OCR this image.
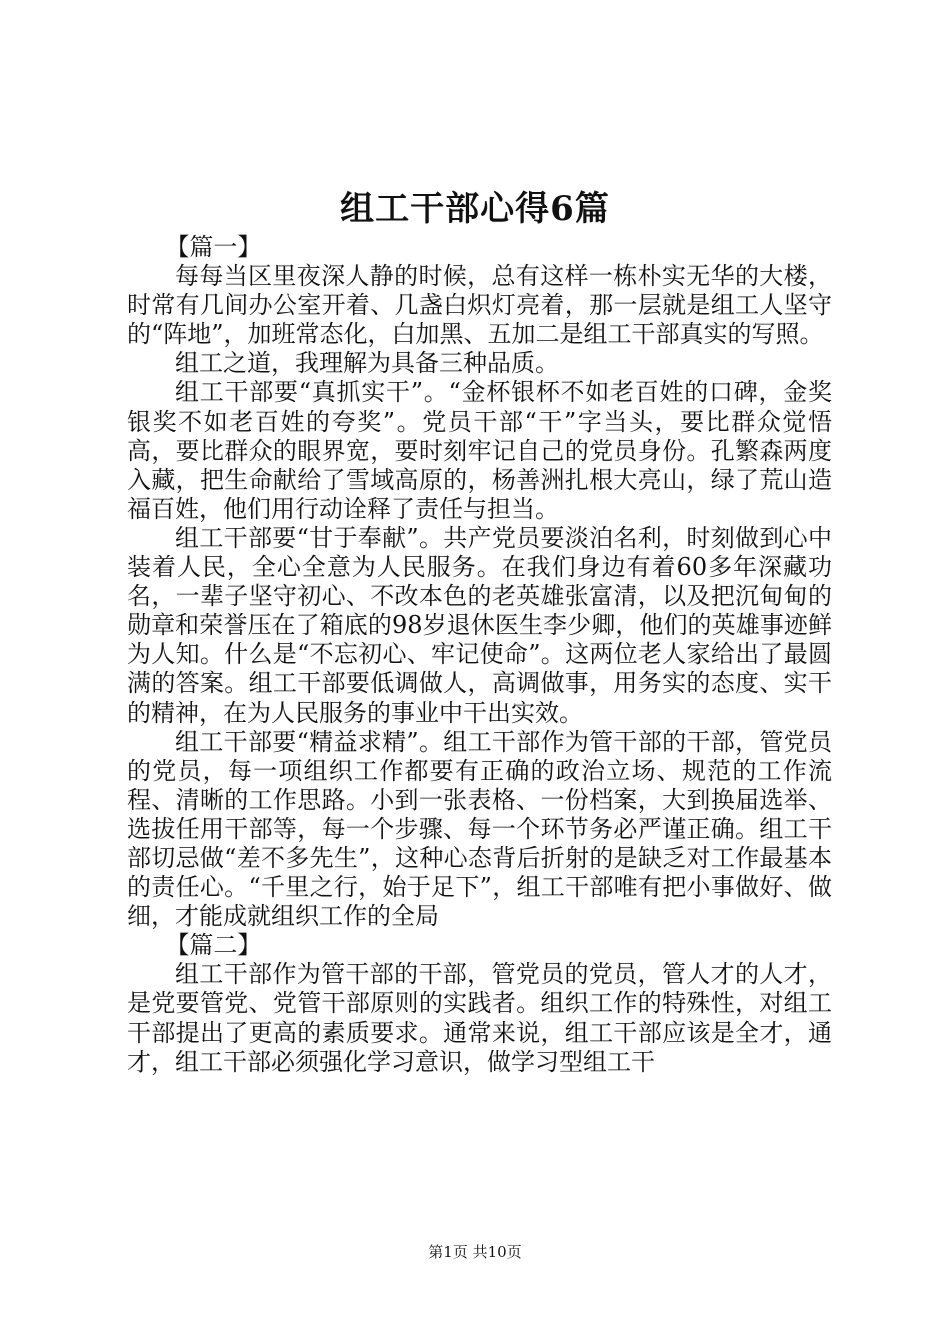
组工干部心得6篇

【篇一】

每每当区里夜深人静的时候，总有这样一栋朴实无华的大楼，时常有几间办公室开着、几盏白炽灯亮着，那一层就是组工人坚守的“阵地”，加班常态化，白加黑、五加二是组工干部真实的写照。

组工之道，我理解为具备三种品质。

组工干部要“真抓实干”。“金杯银杯不如老百姓的口碑，金奖银奖不如老百姓的夸奖”。党员干部“干”字当头，要比群众觉悟高，要比群众的眼界宽，要时刻牢记自己的党员身份。孔繁森两度入藏，把生命献给了雪域高原的，杨善洲扎根大亮山，绿了荒山造福百姓，他们用行动诠释了责任与担当。

组工干部要“甘于奉献”。共产党员要淡泊名利，时刻做到心中装着人民，全心全意为人民服务。在我们身边有着60多年深藏功名，一辈子坚守初心、不改本色的老英雄张富清，以及把沉甸甸的勋章和荣誉压在了箱底的98岁退休医生李少卿，他们的英雄事迹鲜为人知。什么是“不忘初心、牢记使命”。这两位老人家给出了最圆满的答案。组工干部要低调做人，高调做事，用务实的态度、实干的精神，在为人民服务的事业中干出实效。

组工干部要“精益求精”。组工干部作为管干部的干部，管党员的党员，每一项组织工作都要有正确的政治立场、规范的工作流程、清晰的工作思路。小到一张表格、一份档案，大到换届选举、选拔任用干部等，每一个步骤、每一个环节务必严谨正确。组工干部切忌做“差不多先生”，这种心态背后折射的是缺乏对工作最基本的责任心。“千里之行，始于足下”，组工干部唯有把小事做好、做细，才能成就组织工作的全局

【篇二】

组工干部作为管干部的干部，管党员的党员，管人才的人才，是党要管党、党管干部原则的实践者。组织工作的特殊性，对组工干部提出了更高的素质要求。通常来说，组工干部应该是全才，通才，组工干部必须强化学习意识，做学习型组工干

第1页 共10页
